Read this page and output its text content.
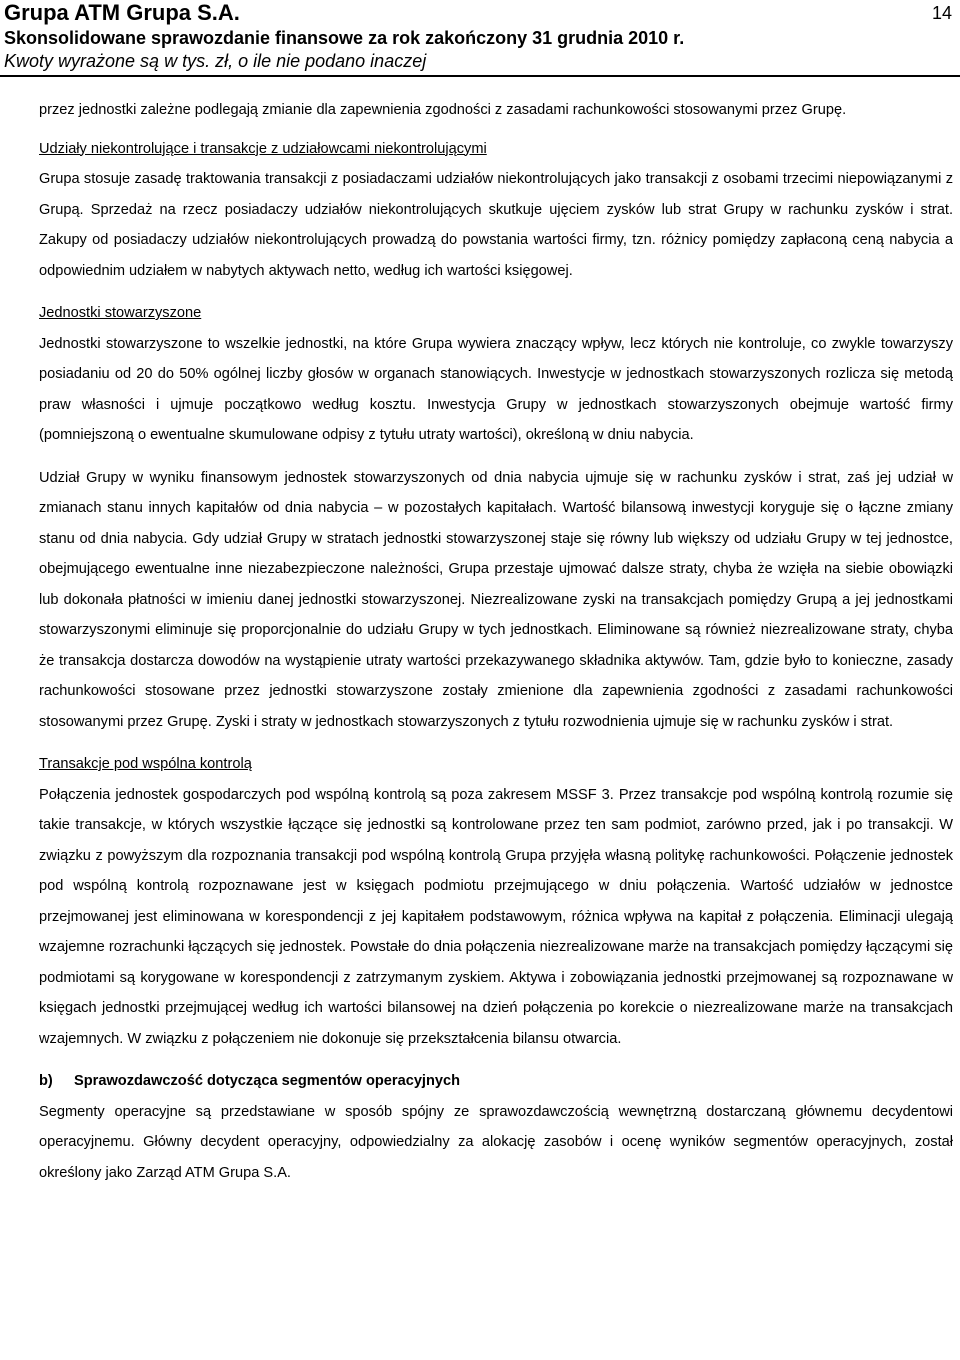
Grupa ATM Grupa S.A.
Skonsolidowane sprawozdanie finansowe za rok zakończony 31 grudnia 2010 r.
Kwoty wyrażone są w tys. zł, o ile nie podano inaczej
14

przez jednostki zależne podlegają zmianie dla zapewnienia zgodności z zasadami rachunkowości stosowanymi przez Grupę.

Udziały niekontrolujące i transakcje z udziałowcami niekontrolującymi

Grupa stosuje zasadę traktowania transakcji z posiadaczami udziałów niekontrolujących jako transakcji z osobami trzecimi niepowiązanymi z Grupą. Sprzedaż na rzecz posiadaczy udziałów niekontrolujących skutkuje ujęciem zysków lub strat Grupy w rachunku zysków i strat. Zakupy od posiadaczy udziałów niekontrolujących prowadzą do powstania wartości firmy, tzn. różnicy pomiędzy zapłaconą ceną nabycia a odpowiednim udziałem w nabytych aktywach netto, według ich wartości księgowej.

Jednostki stowarzyszone

Jednostki stowarzyszone to wszelkie jednostki, na które Grupa wywiera znaczący wpływ, lecz których nie kontroluje, co zwykle towarzyszy posiadaniu od 20 do 50% ogólnej liczby głosów w organach stanowiących. Inwestycje w jednostkach stowarzyszonych rozlicza się metodą praw własności i ujmuje początkowo według kosztu. Inwestycja Grupy w jednostkach stowarzyszonych obejmuje wartość firmy (pomniejszoną o ewentualne skumulowane odpisy z tytułu utraty wartości), określoną w dniu nabycia.

Udział Grupy w wyniku finansowym jednostek stowarzyszonych od dnia nabycia ujmuje się w rachunku zysków i strat, zaś jej udział w zmianach stanu innych kapitałów od dnia nabycia – w pozostałych kapitałach. Wartość bilansową inwestycji koryguje się o łączne zmiany stanu od dnia nabycia. Gdy udział Grupy w stratach jednostki stowarzyszonej staje się równy lub większy od udziału Grupy w tej jednostce, obejmującego ewentualne inne niezabezpieczone należności, Grupa przestaje ujmować dalsze straty, chyba że wzięła na siebie obowiązki lub dokonała płatności w imieniu danej jednostki stowarzyszonej. Niezrealizowane zyski na transakcjach pomiędzy Grupą a jej jednostkami stowarzyszonymi eliminuje się proporcjonalnie do udziału Grupy w tych jednostkach. Eliminowane są również niezrealizowane straty, chyba że transakcja dostarcza dowodów na wystąpienie utraty wartości przekazywanego składnika aktywów. Tam, gdzie było to konieczne, zasady rachunkowości stosowane przez jednostki stowarzyszone zostały zmienione dla zapewnienia zgodności z zasadami rachunkowości stosowanymi przez Grupę. Zyski i straty w jednostkach stowarzyszonych z tytułu rozwodnienia ujmuje się w rachunku zysków i strat.

Transakcje pod wspólna kontrolą

Połączenia jednostek gospodarczych pod wspólną kontrolą są poza zakresem MSSF 3. Przez transakcje pod wspólną kontrolą rozumie się takie transakcje, w których wszystkie łączące się jednostki są kontrolowane przez ten sam podmiot, zarówno przed, jak i po transakcji. W związku z powyższym dla rozpoznania transakcji pod wspólną kontrolą Grupa przyjęła własną politykę rachunkowości. Połączenie jednostek pod wspólną kontrolą rozpoznawane jest w księgach podmiotu przejmującego w dniu połączenia. Wartość udziałów w jednostce przejmowanej jest eliminowana w korespondencji z jej kapitałem podstawowym, różnica wpływa na kapitał z połączenia. Eliminacji ulegają wzajemne rozrachunki łączących się jednostek. Powstałe do dnia połączenia niezrealizowane marże na transakcjach pomiędzy łączącymi się podmiotami są korygowane w korespondencji z zatrzymanym zyskiem. Aktywa i zobowiązania jednostki przejmowanej są rozpoznawane w księgach jednostki przejmującej według ich wartości bilansowej na dzień połączenia po korekcie o niezrealizowane marże na transakcjach wzajemnych. W związku z połączeniem nie dokonuje się przekształcenia bilansu otwarcia.

b) Sprawozdawczość dotycząca segmentów operacyjnych

Segmenty operacyjne są przedstawiane w sposób spójny ze sprawozdawczością wewnętrzną dostarczaną głównemu decydentowi operacyjnemu. Główny decydent operacyjny, odpowiedzialny za alokację zasobów i ocenę wyników segmentów operacyjnych, został określony jako Zarząd ATM Grupa S.A.
